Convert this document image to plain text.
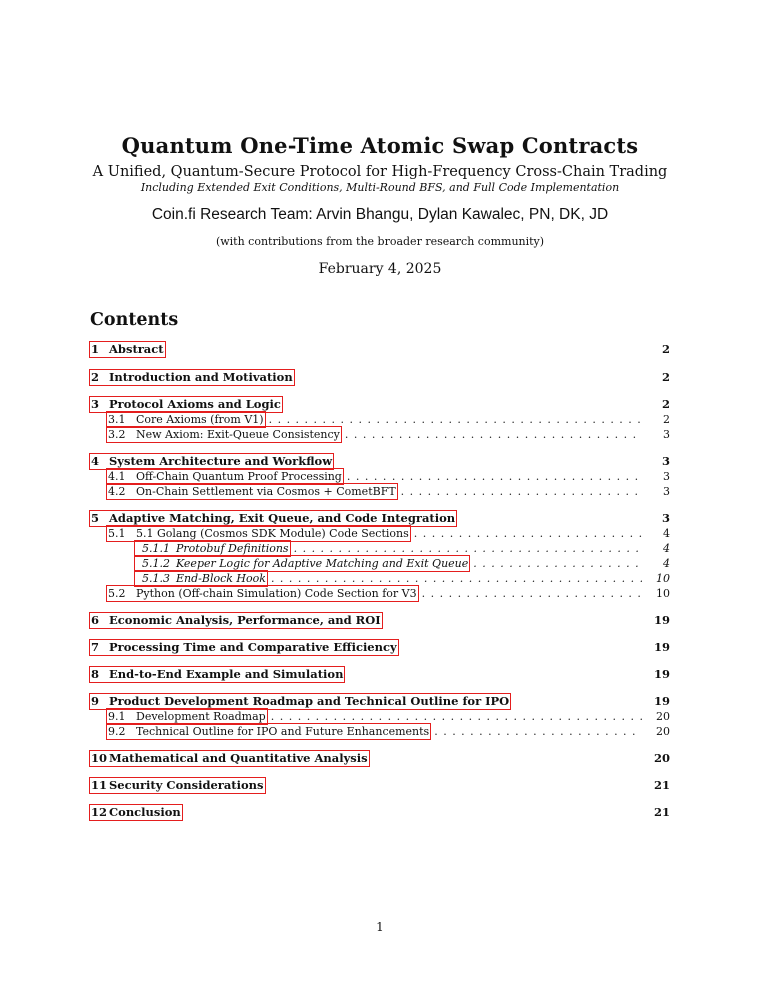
Quantum One-Time Atomic Swap Contracts
A Unified, Quantum-Secure Protocol for High-Frequency Cross-Chain Trading
Including Extended Exit Conditions, Multi-Round BFS, and Full Code Implementation
Coin.fi Research Team: Arvin Bhangu, Dylan Kawalec, PN, DK, JD
(with contributions from the broader research community)
February 4, 2025
Contents
1 Abstract	2
2 Introduction and Motivation	2
3 Protocol Axioms and Logic	2
3.1 Core Axioms (from V1) . . .	2
3.2 New Axiom: Exit-Queue Consistency . . .	3
4 System Architecture and Workflow	3
4.1 Off-Chain Quantum Proof Processing . . .	3
4.2 On-Chain Settlement via Cosmos + CometBFT . . .	3
5 Adaptive Matching, Exit Queue, and Code Integration	3
5.1 5.1 Golang (Cosmos SDK Module) Code Sections . . .	4
5.1.1 Protobuf Definitions . . .	4
5.1.2 Keeper Logic for Adaptive Matching and Exit Queue . . .	4
5.1.3 End-Block Hook . . .	10
5.2 Python (Off-chain Simulation) Code Section for V3 . . .	10
6 Economic Analysis, Performance, and ROI	19
7 Processing Time and Comparative Efficiency	19
8 End-to-End Example and Simulation	19
9 Product Development Roadmap and Technical Outline for IPO	19
9.1 Development Roadmap . . .	20
9.2 Technical Outline for IPO and Future Enhancements . . .	20
10 Mathematical and Quantitative Analysis	20
11 Security Considerations	21
12 Conclusion	21
1
